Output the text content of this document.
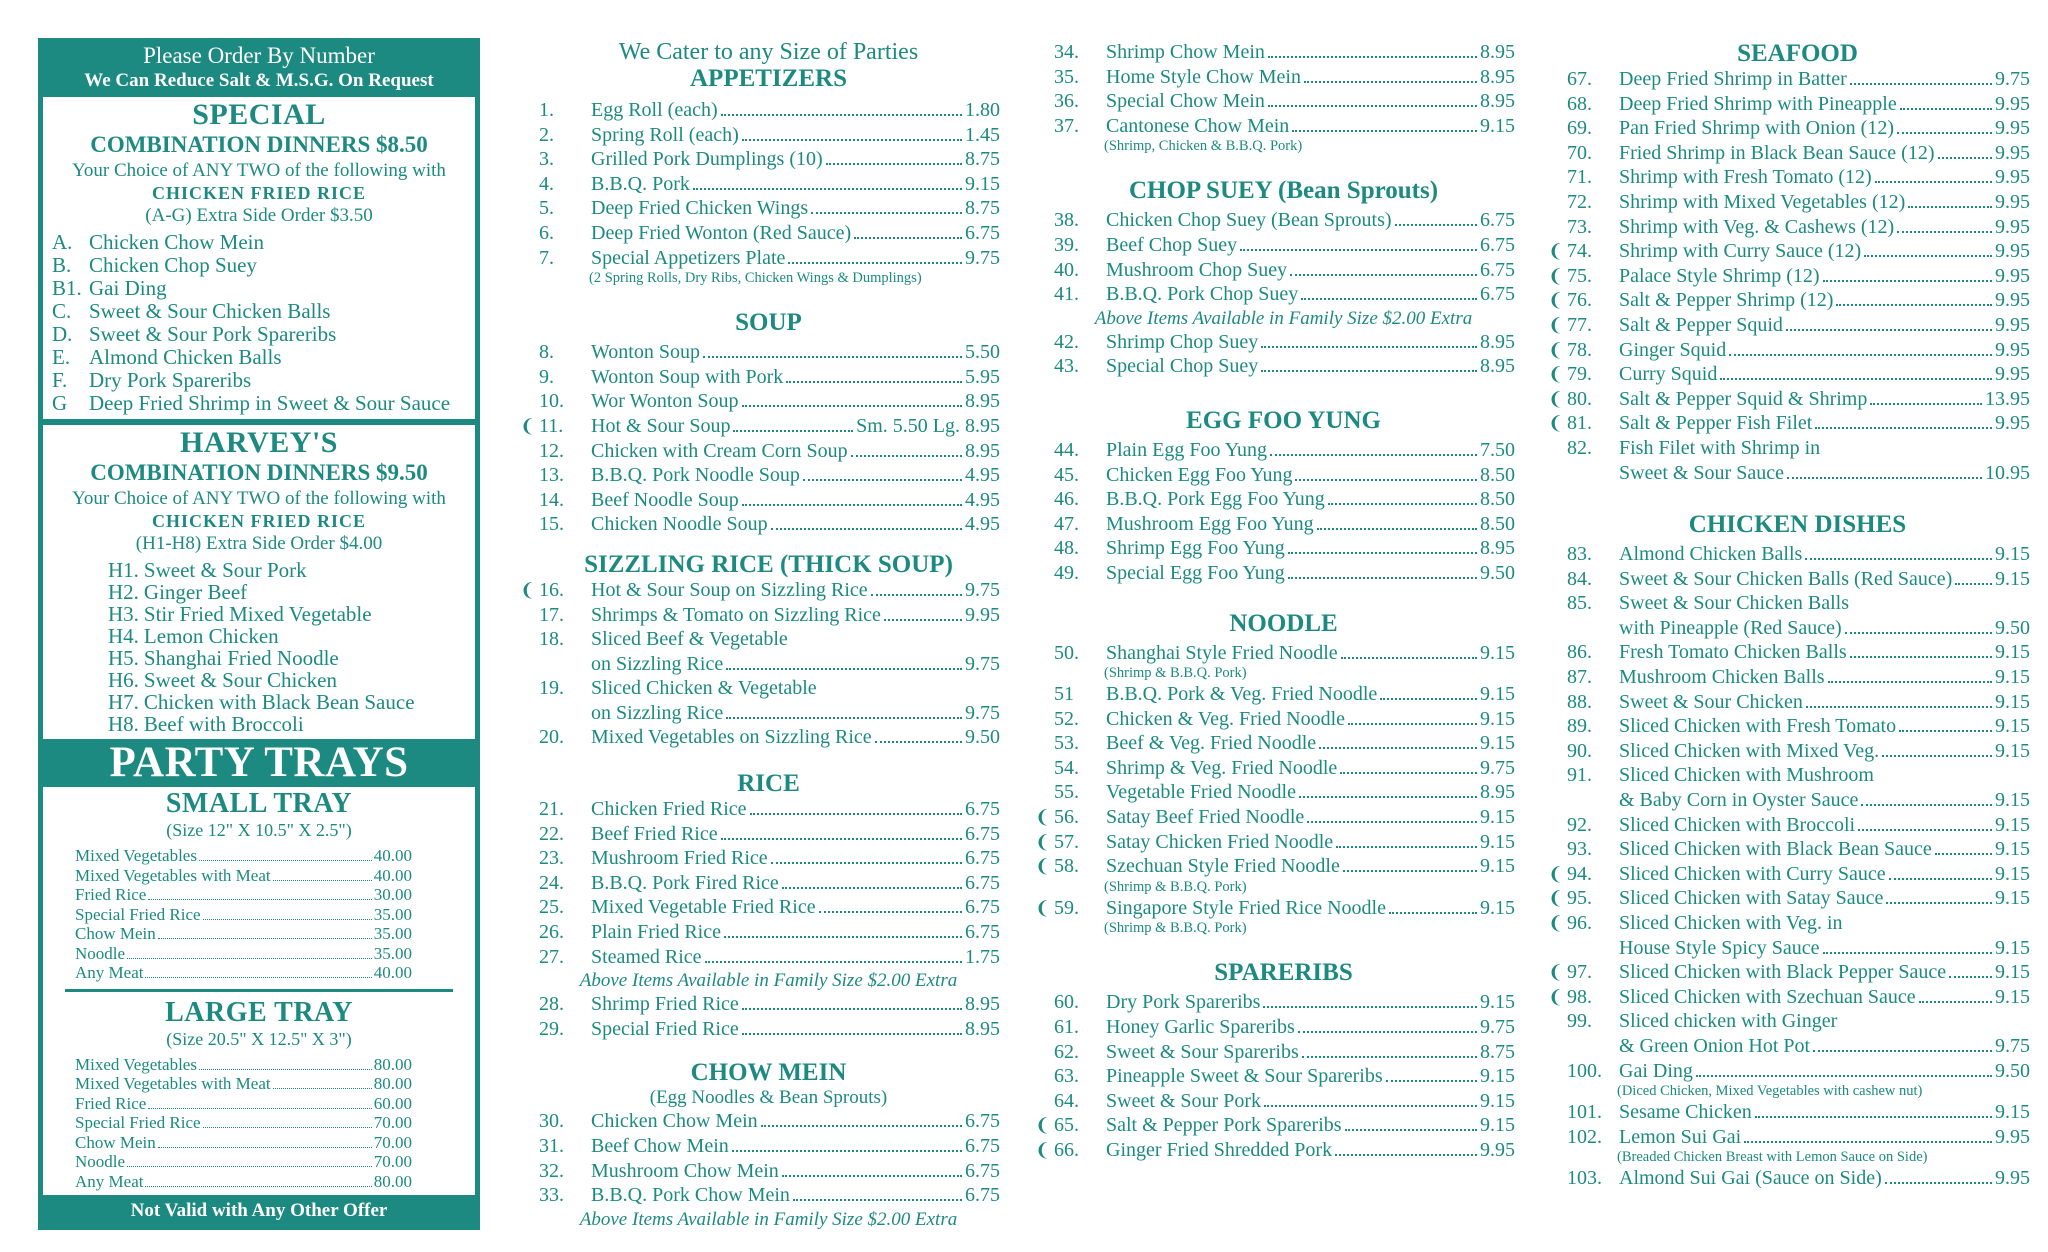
Please Order By Number
We Can Reduce Salt & M.S.G. On Request
SPECIAL
COMBINATION DINNERS $8.50
Your Choice of ANY TWO of the following with
CHICKEN FRIED RICE
(A-G) Extra Side Order $3.50
A. Chicken Chow Mein
B. Chicken Chop Suey
B1. Gai Ding
C. Sweet & Sour Chicken Balls
D. Sweet & Sour Pork Spareribs
E. Almond Chicken Balls
F.	Dry Pork Spareribs
G	Deep Fried Shrimp in Sweet & Sour Sauce
HARVEY'S
COMBINATION DINNERS $9.50
Your Choice of ANY TWO of the following with
CHICKEN FRIED RICE
(H1-H8) Extra Side Order $4.00
H1. Sweet & Sour Pork
H2. Ginger Beef
H3. Stir Fried Mixed Vegetable
H4. Lemon Chicken
H5. Shanghai Fried Noodle
H6. Sweet & Sour Chicken
H7. Chicken with Black Bean Sauce
H8. Beef with Broccoli
PARTY TRAYS
SMALL TRAY
(Size 12" X 10.5" X 2.5")
Mixed Vegetables	40.00
Mixed Vegetables with Meat	40.00
Fried Rice	30.00
Special Fried Rice	35.00
Chow Mein	35.00
Noodle	35.00
Any Meat	40.00
LARGE TRAY
(Size 20.5" X 12.5" X 3")
Mixed Vegetables	80.00
Mixed Vegetables with Meat	80.00
Fried Rice	60.00
Special Fried Rice	70.00
Chow Mein	70.00
Noodle	70.00
Any Meat	80.00
Not Valid with Any Other Offer
We Cater to any Size of Parties
APPETIZERS
1.	Egg Roll (each)	1.80
2.	Spring Roll (each)	1.45
3.	Grilled Pork Dumplings (10)	8.75
4.	B.B.Q. Pork	9.15
5.	Deep Fried Chicken Wings	8.75
6.	Deep Fried Wonton (Red Sauce)	6.75
7.	Special Appetizers Plate	9.75
(2 Spring Rolls, Dry Ribs, Chicken Wings & Dumplings)
SOUP
8.	Wonton Soup	5.50
9.	Wonton Soup with Pork	5.95
10.	Wor Wonton Soup	8.95
❨ 11.	Hot & Sour Soup	Sm. 5.50 Lg. 8.95
12.	Chicken with Cream Corn Soup	8.95
13.	B.B.Q. Pork Noodle Soup	4.95
14.	Beef Noodle Soup	4.95
15.	Chicken Noodle Soup	4.95
SIZZLING RICE (THICK SOUP)
❨ 16.	Hot & Sour Soup on Sizzling Rice	9.75
17.	Shrimps & Tomato on Sizzling Rice	9.95
18.	Sliced Beef & Vegetable
on Sizzling Rice	9.75
19.	Sliced Chicken & Vegetable
on Sizzling Rice	9.75
20.	Mixed Vegetables on Sizzling Rice	9.50
RICE
21.	Chicken Fried Rice	6.75
22.	Beef Fried Rice	6.75
23.	Mushroom Fried Rice	6.75
24.	B.B.Q. Pork Fired Rice	6.75
25.	Mixed Vegetable Fried Rice	6.75
26.	Plain Fried Rice	6.75
27.	Steamed Rice	1.75
Above Items Available in Family Size $2.00 Extra
28.	Shrimp Fried Rice	8.95
29.	Special Fried Rice	8.95
CHOW MEIN
(Egg Noodles & Bean Sprouts)
30.	Chicken Chow Mein	6.75
31.	Beef Chow Mein	6.75
32.	Mushroom Chow Mein	6.75
33.	B.B.Q. Pork Chow Mein	6.75
Above Items Available in Family Size $2.00 Extra
34.	Shrimp Chow Mein	8.95
35.	Home Style Chow Mein	8.95
36.	Special Chow Mein	8.95
37.	Cantonese Chow Mein	9.15
(Shrimp, Chicken & B.B.Q. Pork)
CHOP SUEY (Bean Sprouts)
38.	Chicken Chop Suey (Bean Sprouts)	6.75
39.	Beef Chop Suey	6.75
40.	Mushroom Chop Suey	6.75
41.	B.B.Q. Pork Chop Suey	6.75
Above Items Available in Family Size $2.00 Extra
42.	Shrimp Chop Suey	8.95
43.	Special Chop Suey	8.95
EGG FOO YUNG
44.	Plain Egg Foo Yung	7.50
45.	Chicken Egg Foo Yung	8.50
46.	B.B.Q. Pork Egg Foo Yung	8.50
47.	Mushroom Egg Foo Yung	8.50
48.	Shrimp Egg Foo Yung	8.95
49.	Special Egg Foo Yung	9.50
NOODLE
50.	Shanghai Style Fried Noodle	9.15
(Shrimp & B.B.Q. Pork)
51	B.B.Q. Pork & Veg. Fried Noodle	9.15
52.	Chicken & Veg. Fried Noodle	9.15
53.	Beef & Veg. Fried Noodle	9.15
54.	Shrimp & Veg. Fried Noodle	9.75
55.	Vegetable Fried Noodle	8.95
❨ 56.	Satay Beef Fried Noodle	9.15
❨ 57.	Satay Chicken Fried Noodle	9.15
❨ 58.	Szechuan Style Fried Noodle	9.15
(Shrimp & B.B.Q. Pork)
❨ 59.	Singapore Style Fried Rice Noodle	9.15
(Shrimp & B.B.Q. Pork)
SPARERIBS
60.	Dry Pork Spareribs	9.15
61.	Honey Garlic Spareribs	9.75
62.	Sweet & Sour Spareribs	8.75
63.	Pineapple Sweet & Sour Spareribs	9.15
64.	Sweet & Sour Pork	9.15
❨ 65.	Salt & Pepper Pork Spareribs	9.15
❨ 66.	Ginger Fried Shredded Pork	9.95
SEAFOOD
67.	Deep Fried Shrimp in Batter	9.75
68.	Deep Fried Shrimp with Pineapple	9.95
69.	Pan Fried Shrimp with Onion (12)	9.95
70.	Fried Shrimp in Black Bean Sauce (12)	9.95
71.	Shrimp with Fresh Tomato (12)	9.95
72.	Shrimp with Mixed Vegetables (12)	9.95
73.	Shrimp with Veg. & Cashews (12)	9.95
❨ 74.	Shrimp with Curry Sauce (12)	9.95
❨ 75.	Palace Style Shrimp (12)	9.95
❨ 76.	Salt & Pepper Shrimp (12)	9.95
❨ 77.	Salt & Pepper Squid	9.95
❨ 78.	Ginger Squid	9.95
❨ 79.	Curry Squid	9.95
❨ 80.	Salt & Pepper Squid & Shrimp	13.95
❨ 81.	Salt & Pepper Fish Filet	9.95
82.	Fish Filet with Shrimp in
Sweet & Sour Sauce	10.95
CHICKEN DISHES
83.	Almond Chicken Balls	9.15
84.	Sweet & Sour Chicken Balls (Red Sauce) 9.15
85.	Sweet & Sour Chicken Balls
with Pineapple (Red Sauce)	9.50
86.	Fresh Tomato Chicken Balls	9.15
87.	Mushroom Chicken Balls	9.15
88.	Sweet & Sour Chicken	9.15
89.	Sliced Chicken with Fresh Tomato	9.15
90.	Sliced Chicken with Mixed Veg.	9.15
91.	Sliced Chicken with Mushroom
& Baby Corn in Oyster Sauce	9.15
92.	Sliced Chicken with Broccoli	9.15
93.	Sliced Chicken with Black Bean Sauce	9.15
❨ 94.	Sliced Chicken with Curry Sauce	9.15
❨ 95.	Sliced Chicken with Satay Sauce	9.15
❨ 96.	Sliced Chicken with Veg. in
House Style Spicy Sauce	9.15
❨ 97.	Sliced Chicken with Black Pepper Sauce 9.15
❨ 98.	Sliced Chicken with Szechuan Sauce	9.15
99.	Sliced chicken with Ginger
& Green Onion Hot Pot	9.75
100. Gai Ding	9.50
(Diced Chicken, Mixed Vegetables with cashew nut)
101. Sesame Chicken	9.15
102. Lemon Sui Gai	9.95
(Breaded Chicken Breast with Lemon Sauce on Side)
103. Almond Sui Gai (Sauce on Side)	9.95
